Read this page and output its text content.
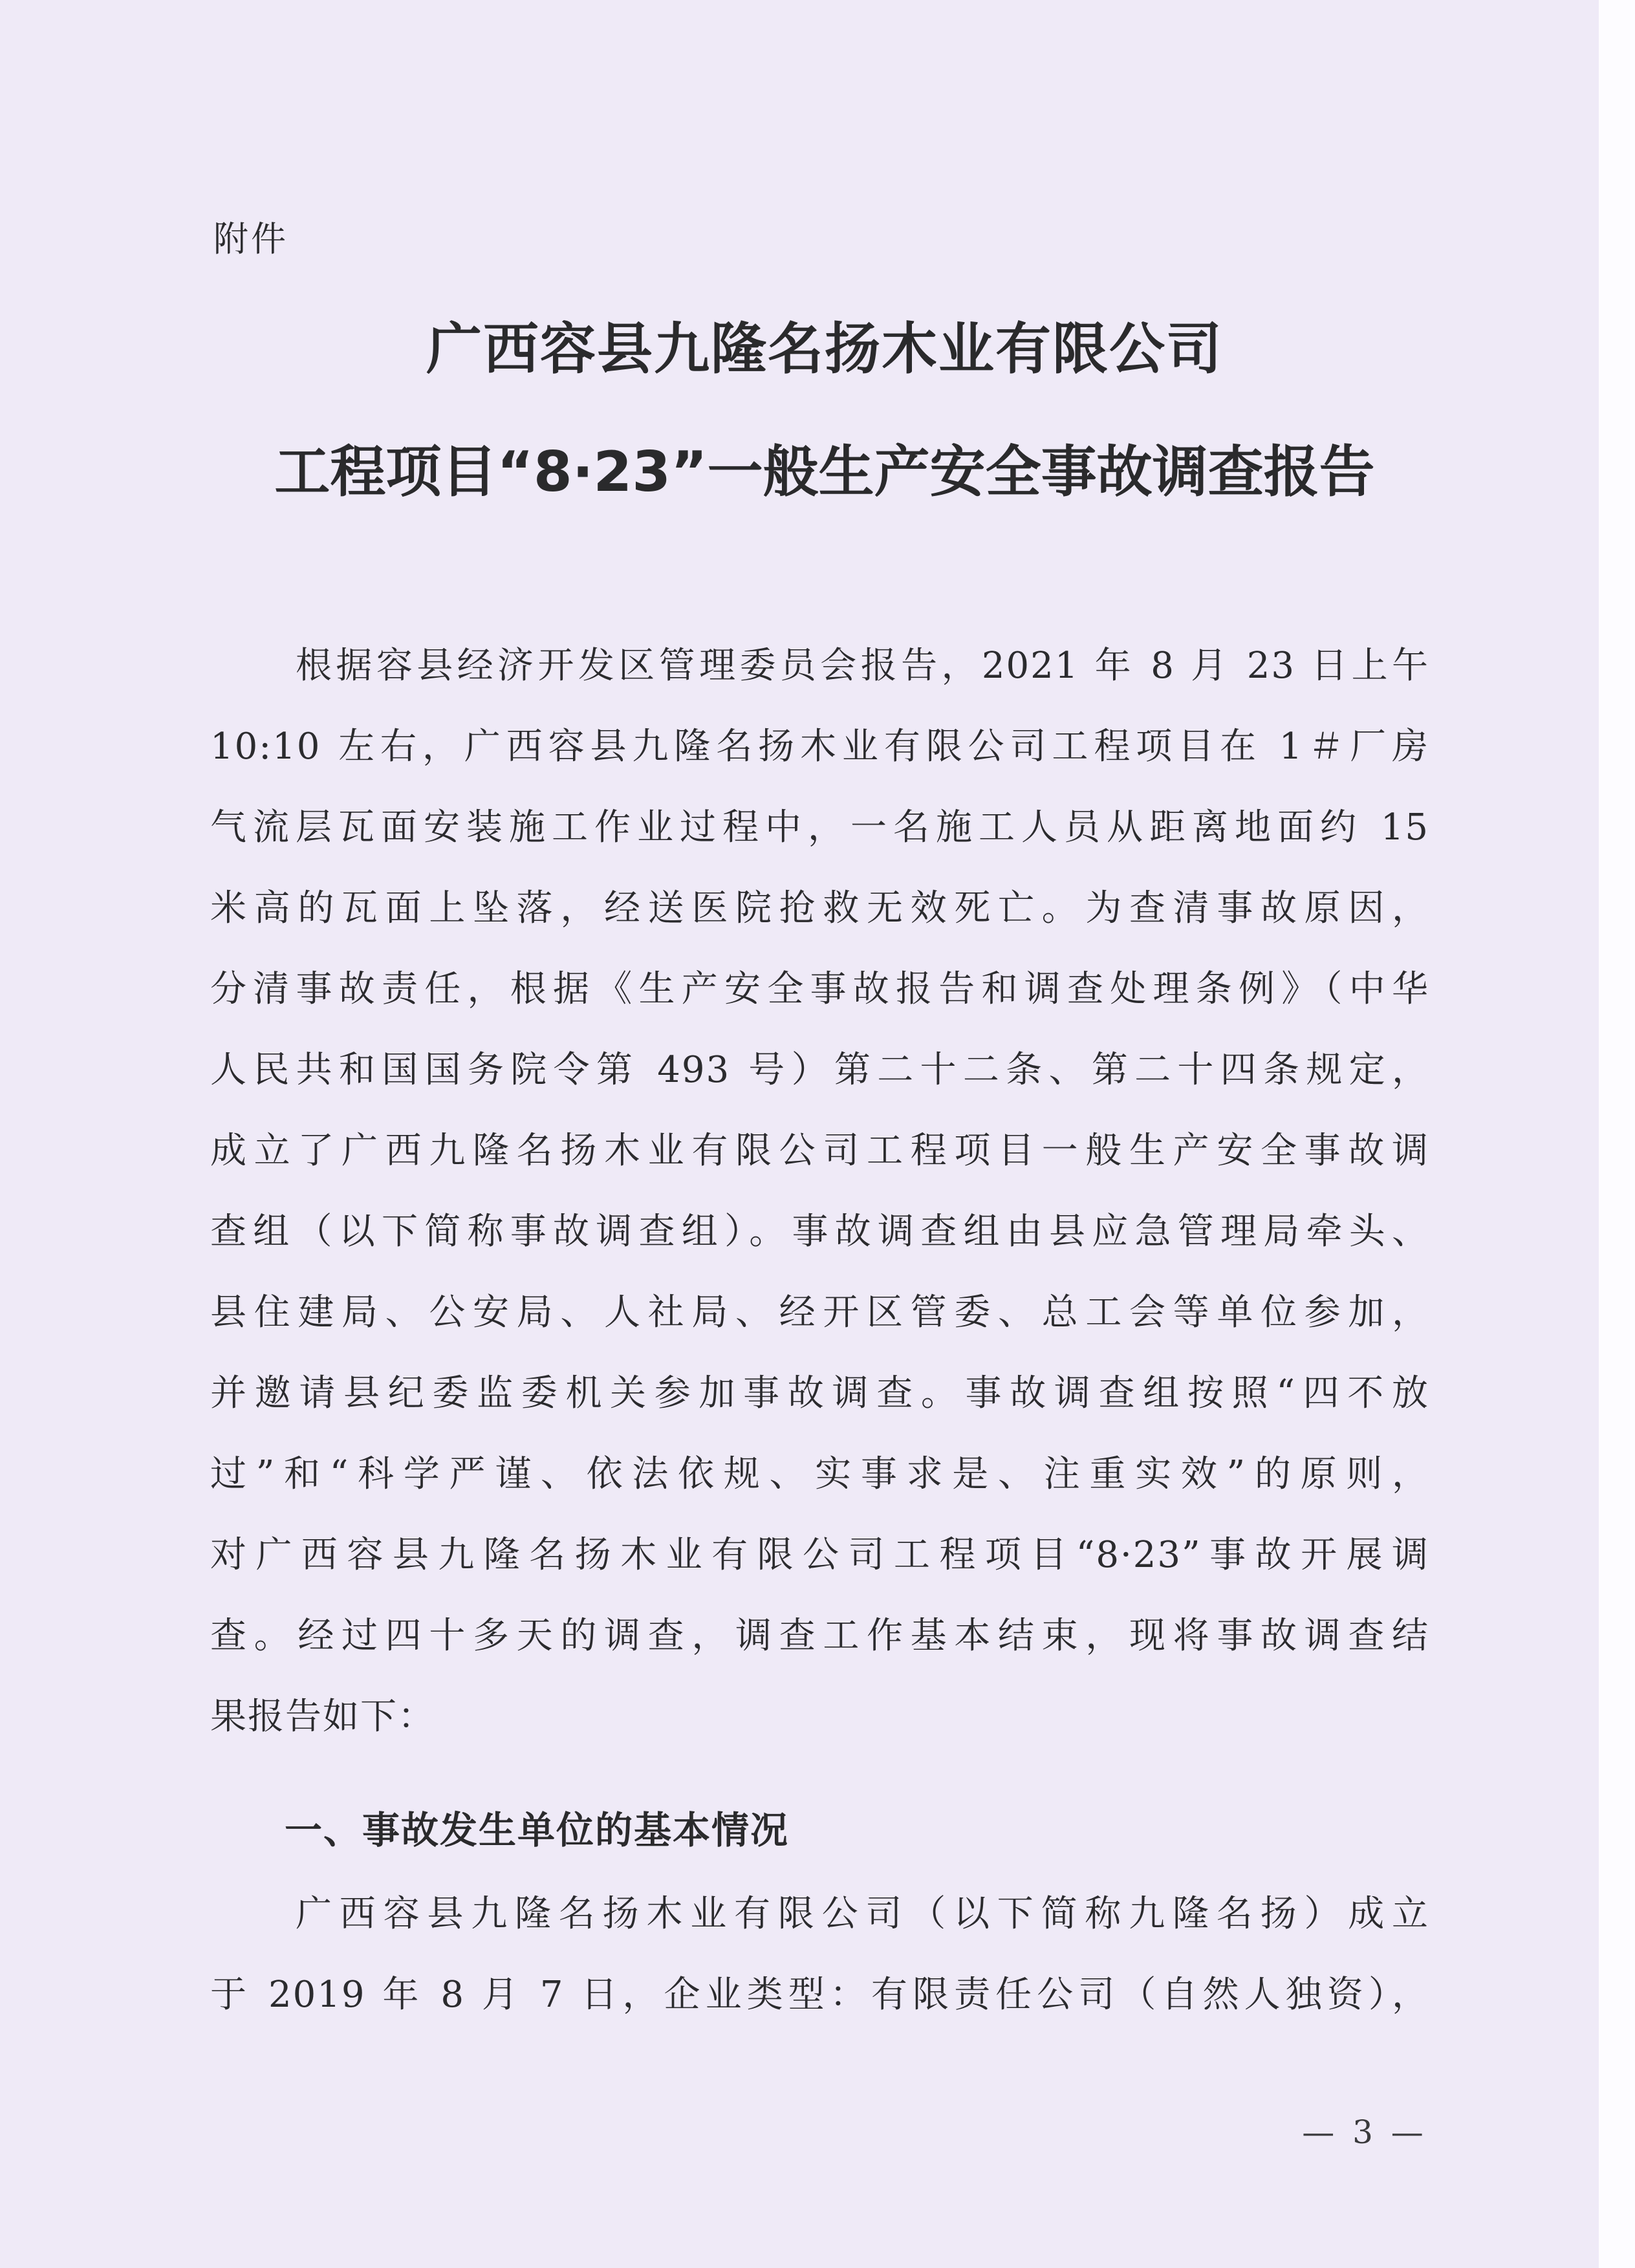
附件
广西容县九隆名扬木业有限公司
工程项目“8·23”一般生产安全事故调查报告
根据容县经济开发区管理委员会报告，2021 年 8 月 23 日上午
10:10 左右，广西容县九隆名扬木业有限公司工程项目在 1＃厂房
气流层瓦面安装施工作业过程中，一名施工人员从距离地面约 15
米高的瓦面上坠落，经送医院抢救无效死亡。为查清事故原因，
分清事故责任，根据《生产安全事故报告和调查处理条例》（中华
人民共和国国务院令第 493 号）第二十二条、第二十四条规定，
成立了广西九隆名扬木业有限公司工程项目一般生产安全事故调
查组（以下简称事故调查组）。事故调查组由县应急管理局牵头、
县住建局、公安局、人社局、经开区管委、总工会等单位参加，
并邀请县纪委监委机关参加事故调查。事故调查组按照“四不放
过”和“科学严谨、依法依规、实事求是、注重实效”的原则，
对广西容县九隆名扬木业有限公司工程项目“8·23”事故开展调
查。经过四十多天的调查，调查工作基本结束，现将事故调查结
果报告如下：
一、事故发生单位的基本情况
广西容县九隆名扬木业有限公司（以下简称九隆名扬）成立
于 2019 年 8 月 7 日，企业类型：有限责任公司（自然人独资），
— 3 —
